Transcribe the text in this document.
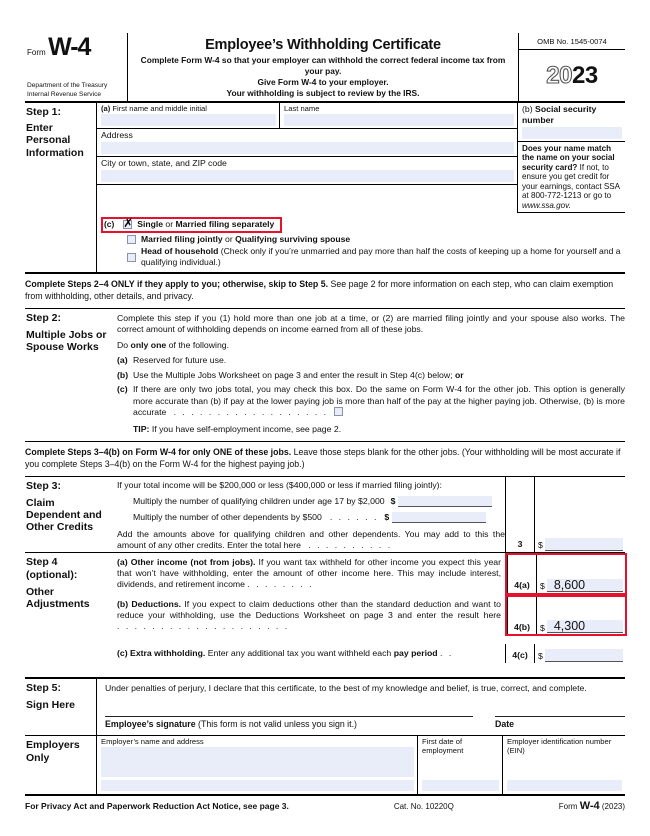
Form W-4
Department of the Treasury
Internal Revenue Service
Employee’s Withholding Certificate
Complete Form W-4 so that your employer can withhold the correct federal income tax from your pay.
Give Form W-4 to your employer.
Your withholding is subject to review by the IRS.
OMB No. 1545-0074
20 23
Step 1:
Enter Personal Information
(a) First name and middle initial	Last name
Address
City or town, state, and ZIP code
(b) Social security number
Does your name match the name on your social security card? If not, to ensure you get credit for your earnings, contact SSA at 800-772-1213 or go to www.ssa.gov.
(c) ✗ Single or Married filing separately
Married filing jointly or Qualifying surviving spouse
Head of household (Check only if you’re unmarried and pay more than half the costs of keeping up a home for yourself and a qualifying individual.)
Complete Steps 2–4 ONLY if they apply to you; otherwise, skip to Step 5. See page 2 for more information on each step, who can claim exemption from withholding, other details, and privacy.
Step 2:
Multiple Jobs or Spouse Works
Complete this step if you (1) hold more than one job at a time, or (2) are married filing jointly and your spouse also works. The correct amount of withholding depends on income earned from all of these jobs.
Do only one of the following.
(a) Reserved for future use.
(b) Use the Multiple Jobs Worksheet on page 3 and enter the result in Step 4(c) below; or
(c) If there are only two jobs total, you may check this box. Do the same on Form W-4 for the other job. This option is generally more accurate than (b) if pay at the lower paying job is more than half of the pay at the higher paying job. Otherwise, (b) is more accurate . . . . . . . . . . . . . . . . . .
TIP: If you have self-employment income, see page 2.
Complete Steps 3–4(b) on Form W-4 for only ONE of these jobs. Leave those steps blank for the other jobs. (Your withholding will be most accurate if you complete Steps 3–4(b) on the Form W-4 for the highest paying job.)
Step 3:
Claim Dependent and Other Credits
If your total income will be $200,000 or less ($400,000 or less if married filing jointly):
Multiply the number of qualifying children under age 17 by $2,000 $
Multiply the number of other dependents by $500 . . . . . . $
Add the amounts above for qualifying children and other dependents. You may add to this the amount of any other credits. Enter the total here . . . . . . . . . .	3	$
Step 4
(optional):
Other Adjustments
(a) Other income (not from jobs). If you want tax withheld for other income you expect this year that won’t have withholding, enter the amount of other income here. This may include interest, dividends, and retirement income . . . . . . . .	4(a)	$ 8,600
(b) Deductions. If you expect to claim deductions other than the standard deduction and want to reduce your withholding, use the Deductions Worksheet on page 3 and enter the result here . . . . . . . . . . . . . . . . . . . .	4(b)	$ 4,300
(c) Extra withholding. Enter any additional tax you want withheld each pay period . .	4(c)	$
Step 5:
Sign Here
Under penalties of perjury, I declare that this certificate, to the best of my knowledge and belief, is true, correct, and complete.
Employee’s signature (This form is not valid unless you sign it.)	Date
Employers
Only
Employer’s name and address	First date of employment
Employer identification number (EIN)
For Privacy Act and Paperwork Reduction Act Notice, see page 3.	Cat. No. 10220Q	Form W-4 (2023)
